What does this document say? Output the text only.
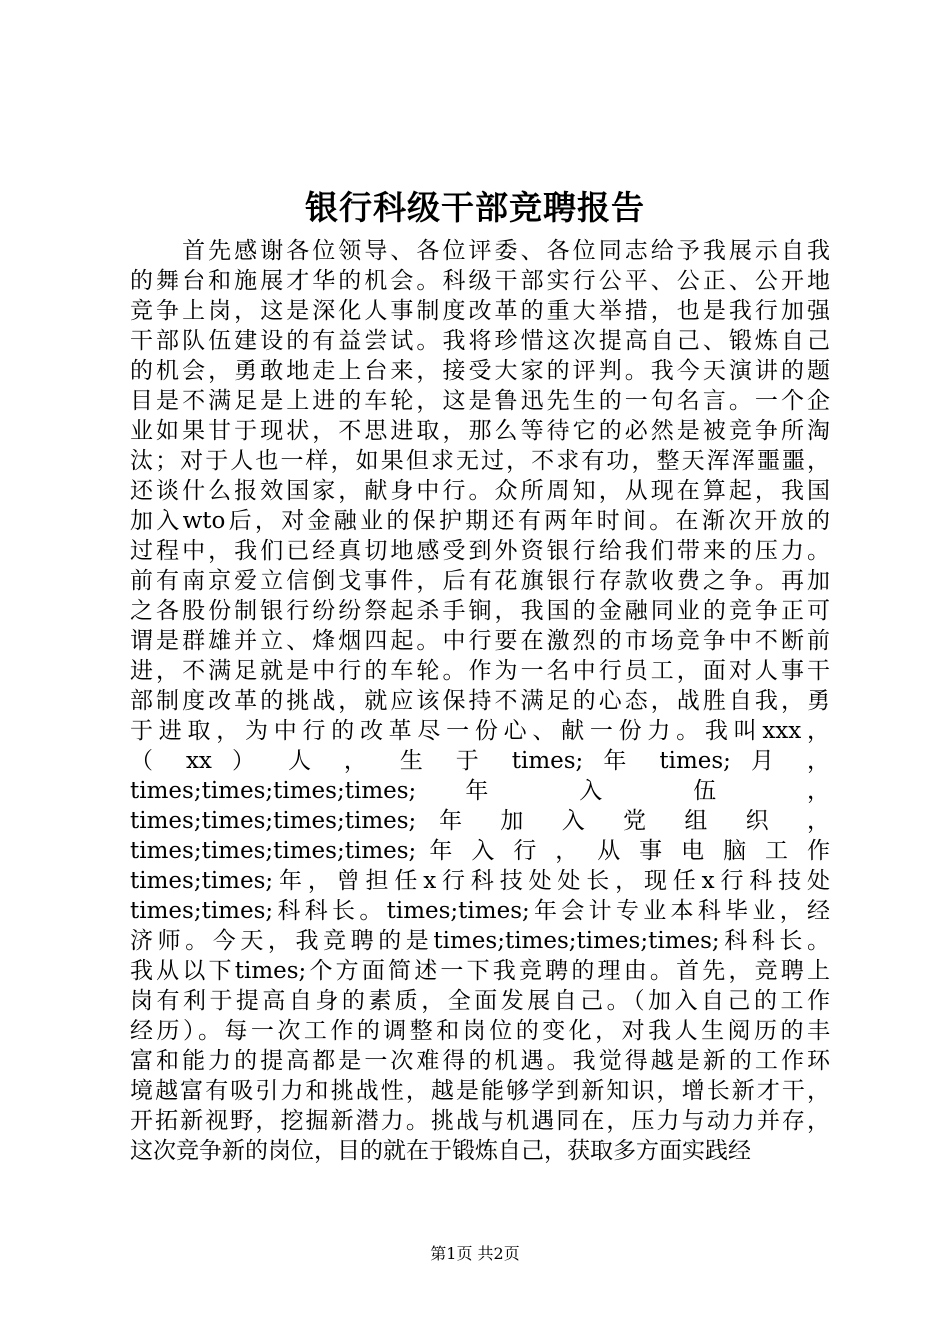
银行科级干部竞聘报告
　　首先感谢各位领导、各位评委、各位同志给予我展示自我
的舞台和施展才华的机会。科级干部实行公平、公正、公开地
竞争上岗，这是深化人事制度改革的重大举措，也是我行加强
干部队伍建设的有益尝试。我将珍惜这次提高自己、锻炼自己
的机会，勇敢地走上台来，接受大家的评判。我今天演讲的题
目是不满足是上进的车轮，这是鲁迅先生的一句名言。一个企
业如果甘于现状，不思进取，那么等待它的必然是被竞争所淘
汰；对于人也一样，如果但求无过，不求有功，整天浑浑噩噩，
还谈什么报效国家，献身中行。众所周知，从现在算起，我国
加入wto后，对金融业的保护期还有两年时间。在渐次开放的
过程中，我们已经真切地感受到外资银行给我们带来的压力。
前有南京爱立信倒戈事件，后有花旗银行存款收费之争。再加
之各股份制银行纷纷祭起杀手锏，我国的金融同业的竞争正可
谓是群雄并立、烽烟四起。中行要在激烈的市场竞争中不断前
进，不满足就是中行的车轮。作为一名中行员工，面对人事干
部制度改革的挑战，就应该保持不满足的心态，战胜自我，勇
于进取，为中行的改革尽一份心、献一份力。我叫xxx，
（ xx ） 人 ， 生 于 times; 年 times; 月 ，
times;times;times;times; 年 入 伍 ，
times;times;times;times; 年 加 入 党 组 织 ，
times;times;times;times; 年 入 行 ， 从 事 电 脑 工 作
times;times;年，曾担任x行科技处处长，现任x行科技处
times;times;科科长。times;times;年会计专业本科毕业，经
济师。今天，我竞聘的是times;times;times;times;科科长。
我从以下times;个方面简述一下我竞聘的理由。首先，竞聘上
岗有利于提高自身的素质，全面发展自己。（加入自己的工作
经历）。每一次工作的调整和岗位的变化，对我人生阅历的丰
富和能力的提高都是一次难得的机遇。我觉得越是新的工作环
境越富有吸引力和挑战性，越是能够学到新知识，增长新才干，
开拓新视野，挖掘新潜力。挑战与机遇同在，压力与动力并存，
这次竞争新的岗位，目的就在于锻炼自己，获取多方面实践经
第1页 共2页
